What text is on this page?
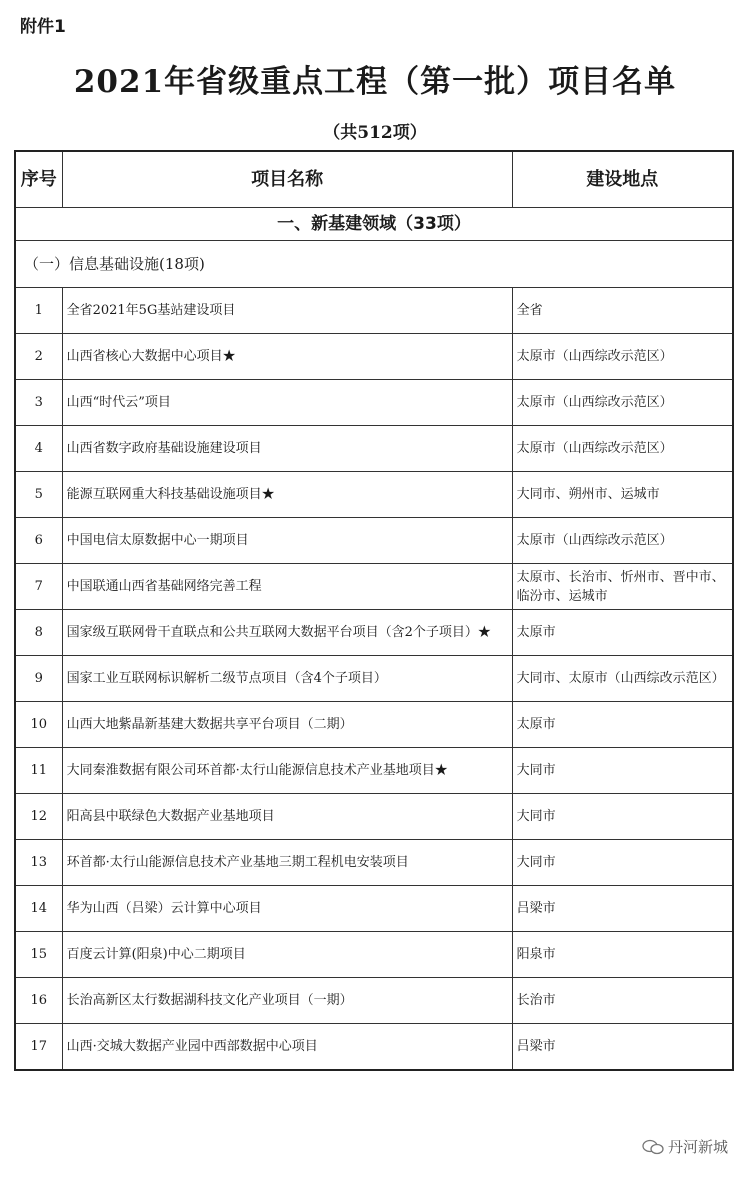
附件1
2021年省级重点工程（第一批）项目名单
（共512项）
序号	项目名称	建设地点
一、新基建领域（33项）		
（一）信息基础设施(18项)		
1	全省2021年5G基站建设项目	全省
2	山西省核心大数据中心项目★	太原市（山西综改示范区）
3	山西“时代云”项目	太原市（山西综改示范区）
4	山西省数字政府基础设施建设项目	太原市（山西综改示范区）
5	能源互联网重大科技基础设施项目★	大同市、朔州市、运城市
6	中国电信太原数据中心一期项目	太原市（山西综改示范区）
7	中国联通山西省基础网络完善工程	太原市、长治市、忻州市、晋中市、临汾市、运城市
8	国家级互联网骨干直联点和公共互联网大数据平台项目（含2个子项目）★	太原市
9	国家工业互联网标识解析二级节点项目（含4个子项目）	大同市、太原市（山西综改示范区）
10	山西大地紫晶新基建大数据共享平台项目（二期）	太原市
11	大同秦淮数据有限公司环首都·太行山能源信息技术产业基地项目★	大同市
12	阳高县中联绿色大数据产业基地项目	大同市
13	环首都·太行山能源信息技术产业基地三期工程机电安装项目	大同市
14	华为山西（吕梁）云计算中心项目	吕梁市
15	百度云计算(阳泉)中心二期项目	阳泉市
16	长治高新区太行数据湖科技文化产业项目（一期）	长治市
17	山西·交城大数据产业园中西部数据中心项目	吕梁市
丹河新城
